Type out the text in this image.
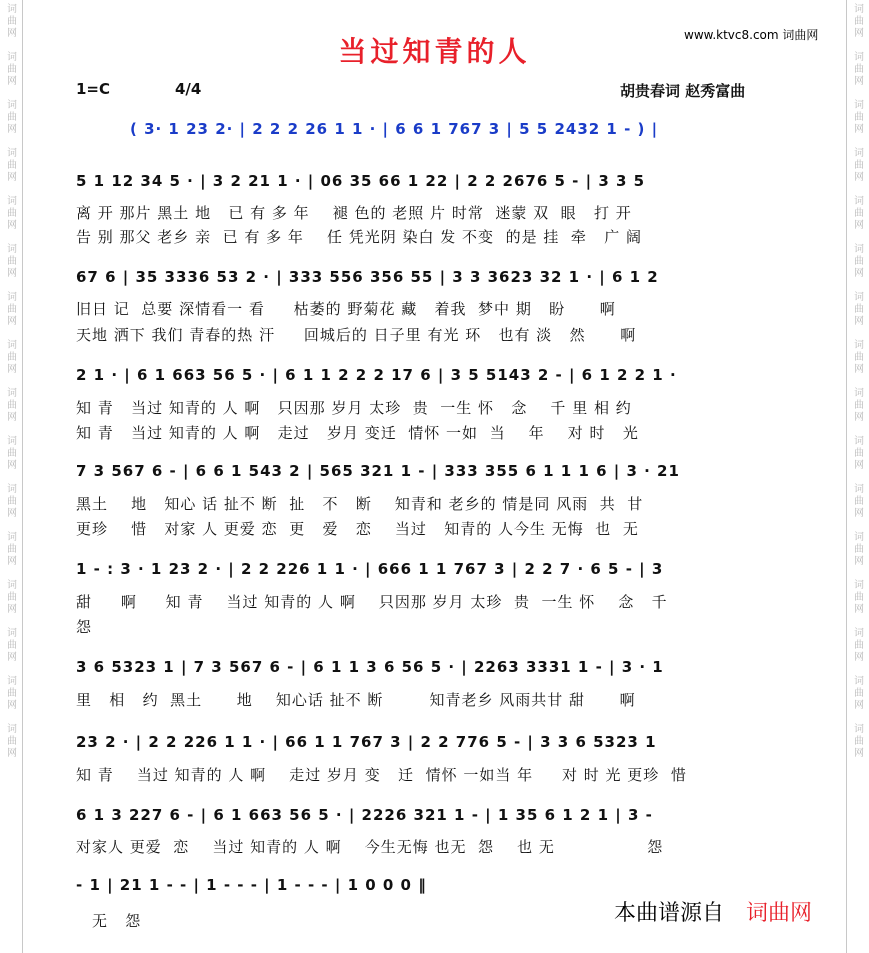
词曲网
词曲网
词曲网
词曲网
词曲网
词曲网
词曲网
词曲网
词曲网
词曲网
词曲网
词曲网
词曲网
词曲网
词曲网
词曲网
词曲网
词曲网
词曲网
词曲网
词曲网
词曲网
词曲网
词曲网
词曲网
词曲网
词曲网
词曲网
词曲网
词曲网
词曲网
词曲网
当过知青的人	www.ktvc8.com 词曲网
1=C	4/4	胡贵春词 赵秀富曲
( 3· 1 23 2· | 2 2 2 26 1 1 · | 6 6 1 767 3 | 5 5 2432 1 - ) |
5 1 12 34 5 · | 3 2 21 1 · | 06 35 66 1 22 | 2 2 2676 5 - | 3 3 5
离 开 那片 黑土 地   已 有 多 年    褪 色的 老照 片 时常  迷蒙 双  眼   打 开
告 别 那父 老乡 亲  已 有 多 年    任 凭光阴 染白 发 不变  的是 挂  牵   广 阔
67 6 | 35 3336 53 2 · | 333 556 356 55 | 3 3 3623 32 1 · | 6 1 2
旧日 记  总要 深情看一 看     枯萎的 野菊花 藏   着我  梦中 期   盼      啊
天地 洒下 我们 青春的热 汗     回城后的 日子里 有光 环   也有 淡   然      啊
2 1 · | 6 1 663 56 5 · | 6 1 1 2 2 2 17 6 | 3 5 5143 2 - | 6 1 2 2 1 ·
知 青   当过 知青的 人 啊   只因那 岁月 太珍  贵  一生 怀   念    千 里 相 约
知 青   当过 知青的 人 啊   走过   岁月 变迁  情怀 一如  当    年    对 时   光
7 3 567 6 - | 6 6 1 543 2 | 565 321 1 - | 333 355 6 1 1 1 6 | 3 · 21
黑土    地   知心 话 扯不 断  扯   不   断    知青和 老乡的 情是同 风雨  共  甘
更珍    惜   对家 人 更爱 恋  更   爱   恋    当过   知青的 人今生 无悔  也  无
1 - : 3 · 1 23 2 · | 2 2 226 1 1 · | 666 1 1 767 3 | 2 2 7 · 6 5 - | 3
甜     啊     知 青    当过 知青的 人 啊    只因那 岁月 太珍  贵  一生 怀    念   千
怨
3 6 5323 1 | 7 3 567 6 - | 6 1 1 3 6 56 5 · | 2263 3331 1 - | 3 · 1
里   相   约  黑土      地    知心话 扯不 断        知青老乡 风雨共甘 甜      啊
23 2 · | 2 2 226 1 1 · | 66 1 1 767 3 | 2 2 776 5 - | 3 3 6 5323 1
知 青    当过 知青的 人 啊    走过 岁月 变   迁  情怀 一如当 年     对 时 光 更珍  惜
6 1 3 227 6 - | 6 1 663 56 5 · | 2226 321 1 - | 1 35 6 1 2 1 | 3 -
对家人 更爱  恋    当过 知青的 人 啊    今生无悔 也无  怨    也 无                怨
- 1 | 21 1 - - | 1 - - - | 1 - - - | 1 0 0 0 ‖
无   怨	本曲谱源自 词曲网
